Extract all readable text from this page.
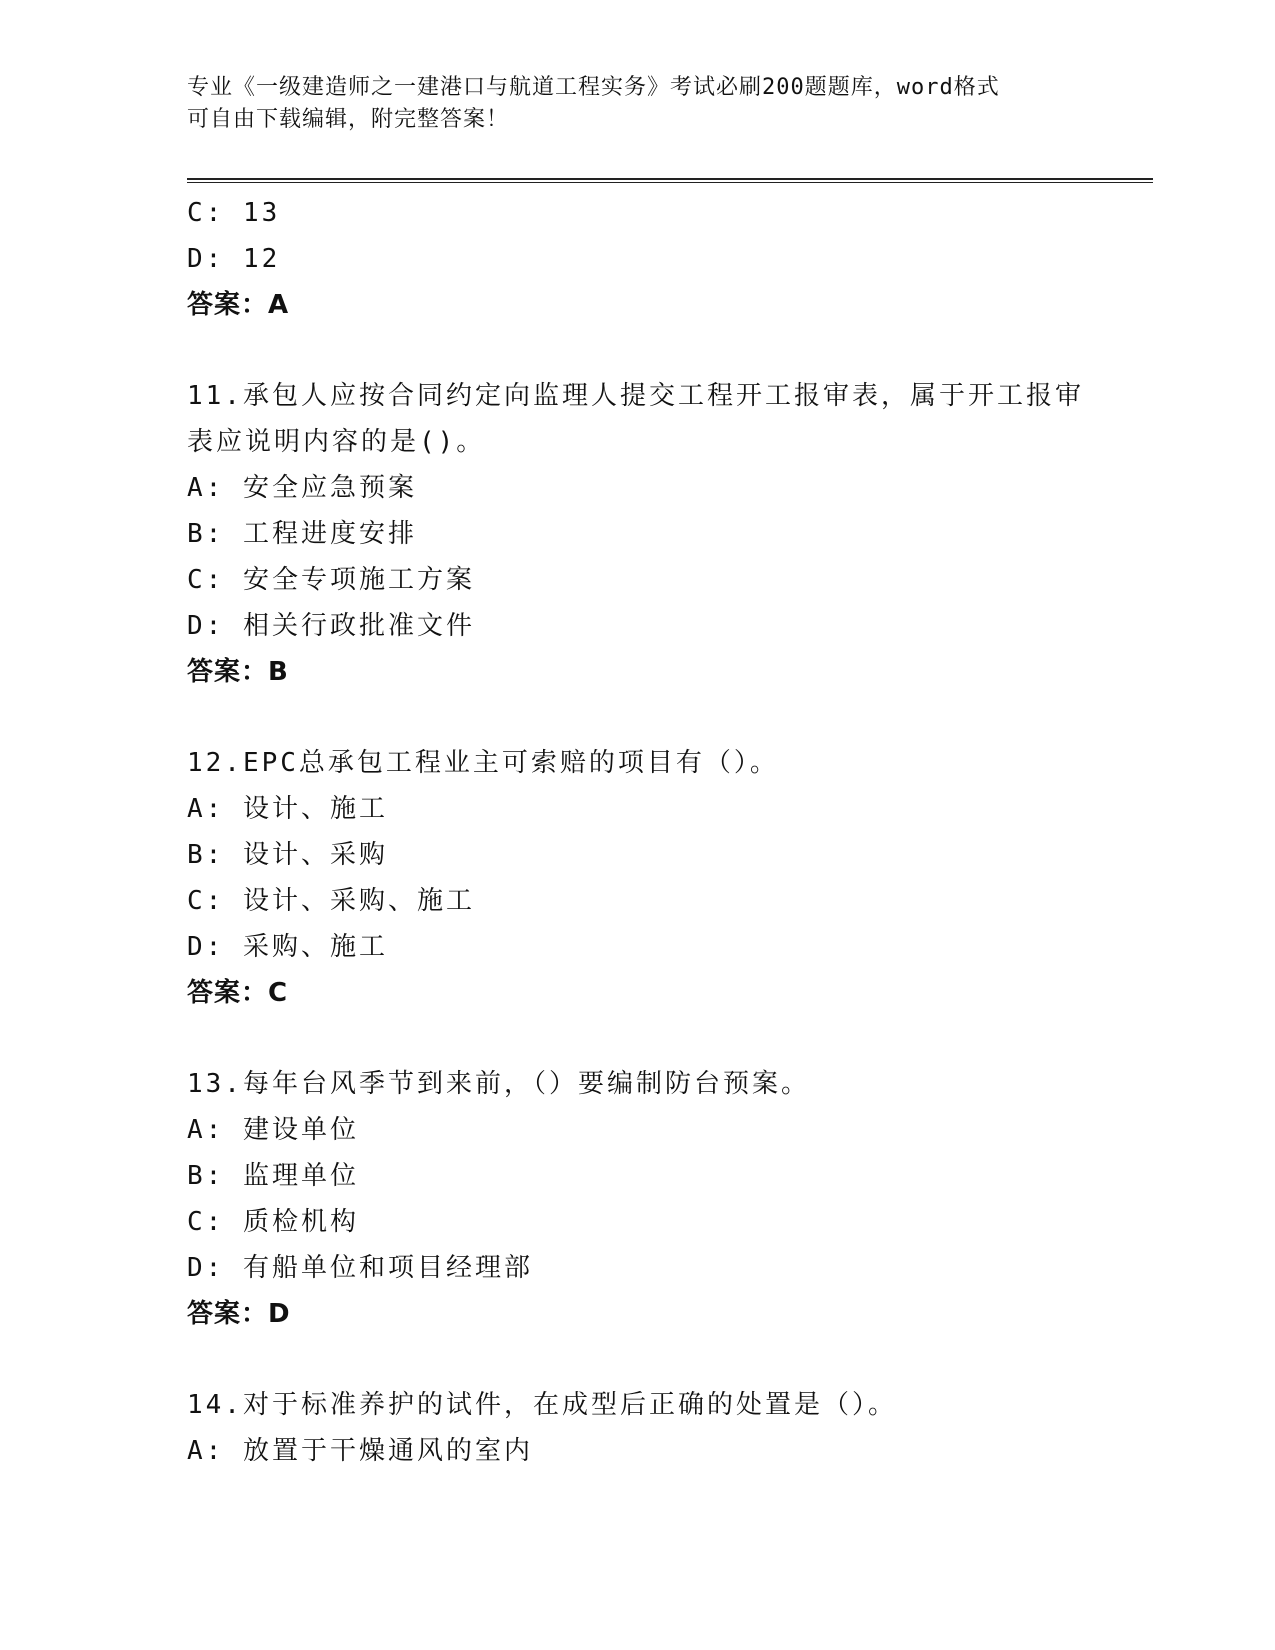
专业《一级建造师之一建港口与航道工程实务》考试必刷200题题库，word格式
可自由下载编辑，附完整答案！
C: 13
D: 12
答案：A
11.承包人应按合同约定向监理人提交工程开工报审表，属于开工报审
表应说明内容的是()。
A: 安全应急预案
B: 工程进度安排
C: 安全专项施工方案
D: 相关行政批准文件
答案：B
12.EPC总承包工程业主可索赔的项目有（）。
A: 设计、施工
B: 设计、采购
C: 设计、采购、施工
D: 采购、施工
答案：C
13.每年台风季节到来前，（）要编制防台预案。
A: 建设单位
B: 监理单位
C: 质检机构
D: 有船单位和项目经理部
答案：D
14.对于标准养护的试件，在成型后正确的处置是（）。
A: 放置于干燥通风的室内
